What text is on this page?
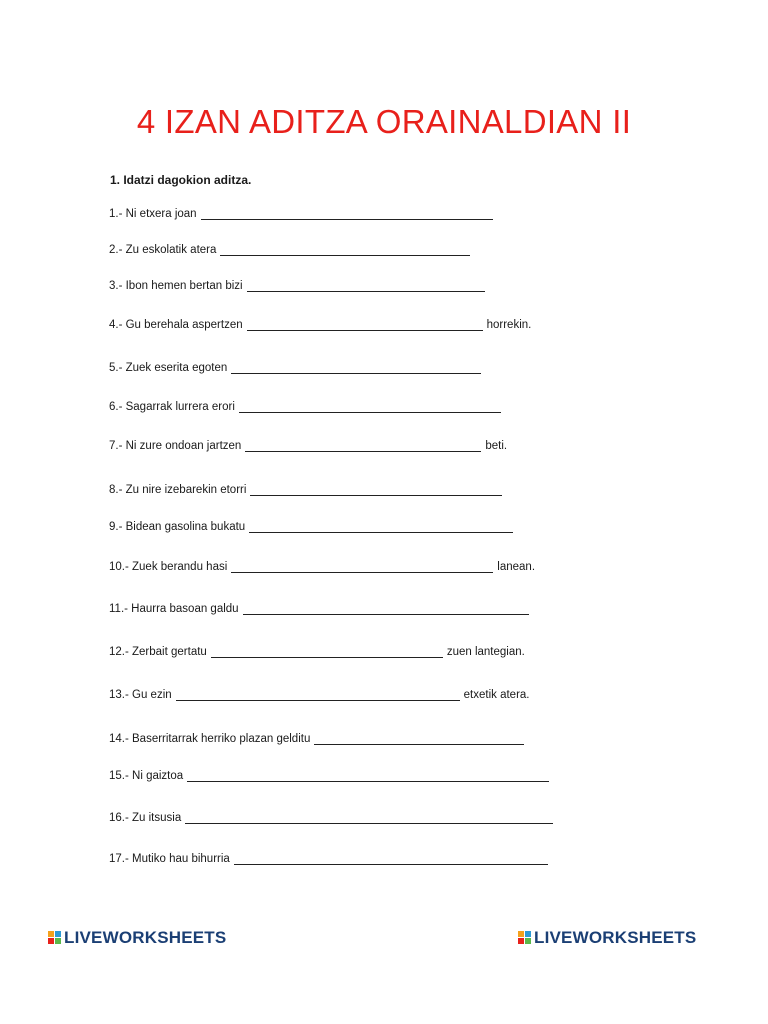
4 IZAN ADITZA ORAINALDIAN II
1. Idatzi dagokion aditza.
1.- Ni etxera joan
2.- Zu eskolatik atera
3.- Ibon hemen bertan bizi
4.- Gu berehala aspertzen	horrekin.
5.- Zuek eserita egoten
6.- Sagarrak lurrera erori
7.- Ni zure ondoan jartzen	beti.
8.- Zu nire izebarekin etorri
9.- Bidean gasolina bukatu
10.- Zuek berandu hasi	lanean.
11.- Haurra basoan galdu
12.- Zerbait gertatu	zuen lantegian.
13.- Gu ezin	etxetik atera.
14.- Baserritarrak herriko plazan gelditu
15.- Ni gaiztoa
16.- Zu itsusia
17.- Mutiko hau bihurria
LIVEWORKSHEETS	LIVEWORKSHEETS
